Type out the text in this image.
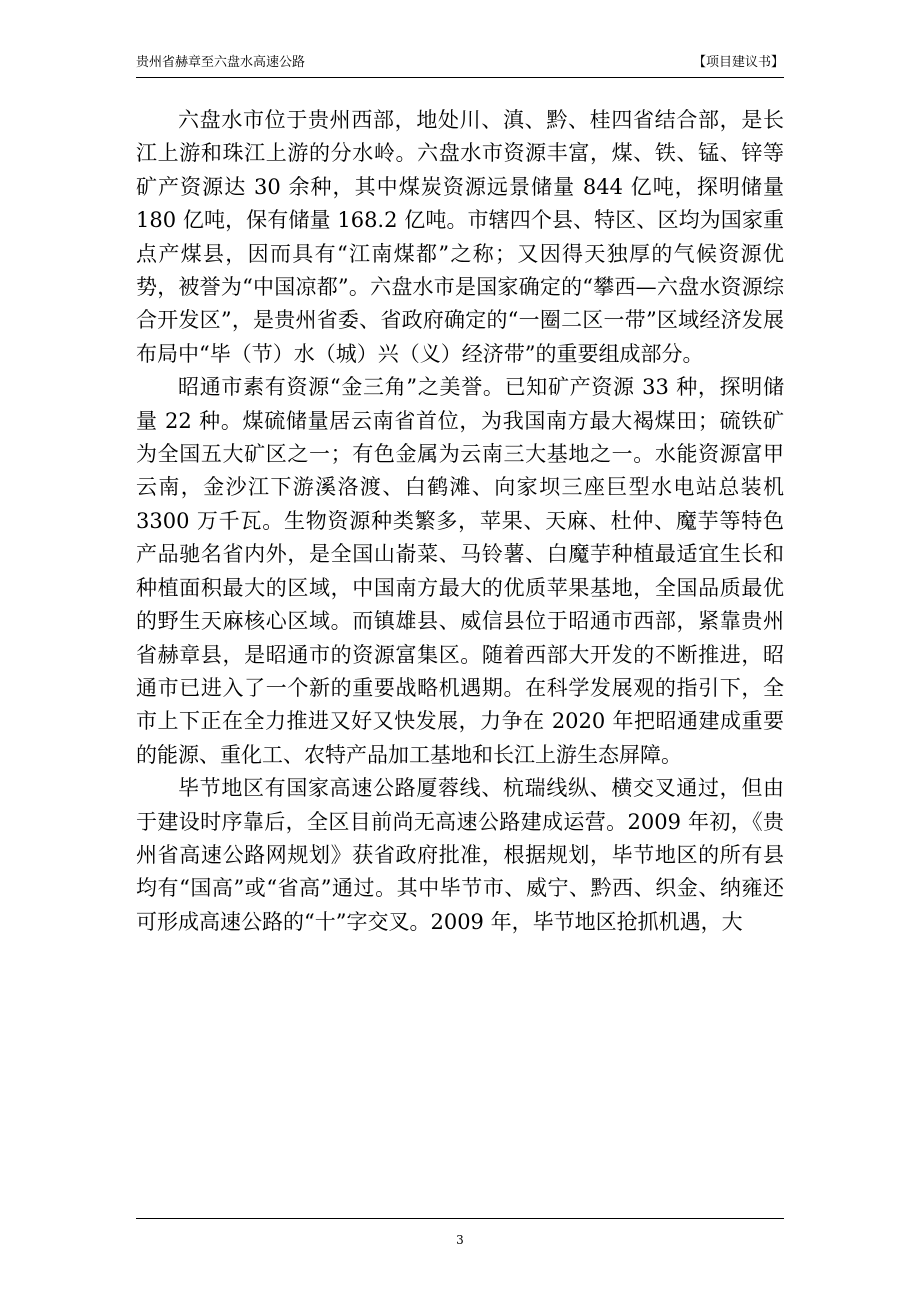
贵州省赫章至六盘水高速公路	【项目建议书】

六盘水市位于贵州西部，地处川、滇、黔、桂四省结合部，是长江上游和珠江上游的分水岭。六盘水市资源丰富，煤、铁、锰、锌等矿产资源达 30 余种，其中煤炭资源远景储量 844 亿吨，探明储量 180 亿吨，保有储量 168.2 亿吨。市辖四个县、特区、区均为国家重点产煤县，因而具有“江南煤都”之称；又因得天独厚的气候资源优势，被誉为“中国凉都”。六盘水市是国家确定的“攀西—六盘水资源综合开发区”，是贵州省委、省政府确定的“一圈二区一带”区域经济发展布局中“毕（节）水（城）兴（义）经济带”的重要组成部分。

昭通市素有资源“金三角”之美誉。已知矿产资源 33 种，探明储量 22 种。煤硫储量居云南省首位，为我国南方最大褐煤田；硫铁矿为全国五大矿区之一；有色金属为云南三大基地之一。水能资源富甲云南，金沙江下游溪洛渡、白鹤滩、向家坝三座巨型水电站总装机 3300 万千瓦。生物资源种类繁多，苹果、天麻、杜仲、魔芋等特色产品驰名省内外，是全国山嵛菜、马铃薯、白魔芋种植最适宜生长和种植面积最大的区域，中国南方最大的优质苹果基地，全国品质最优的野生天麻核心区域。而镇雄县、威信县位于昭通市西部，紧靠贵州省赫章县，是昭通市的资源富集区。随着西部大开发的不断推进，昭通市已进入了一个新的重要战略机遇期。在科学发展观的指引下，全市上下正在全力推进又好又快发展，力争在 2020 年把昭通建成重要的能源、重化工、农特产品加工基地和长江上游生态屏障。

毕节地区有国家高速公路厦蓉线、杭瑞线纵、横交叉通过，但由于建设时序靠后，全区目前尚无高速公路建成运营。2009 年初，《贵州省高速公路网规划》获省政府批准，根据规划，毕节地区的所有县均有“国高”或“省高”通过。其中毕节市、威宁、黔西、织金、纳雍还可形成高速公路的“十”字交叉。2009 年，毕节地区抢抓机遇，大

3
